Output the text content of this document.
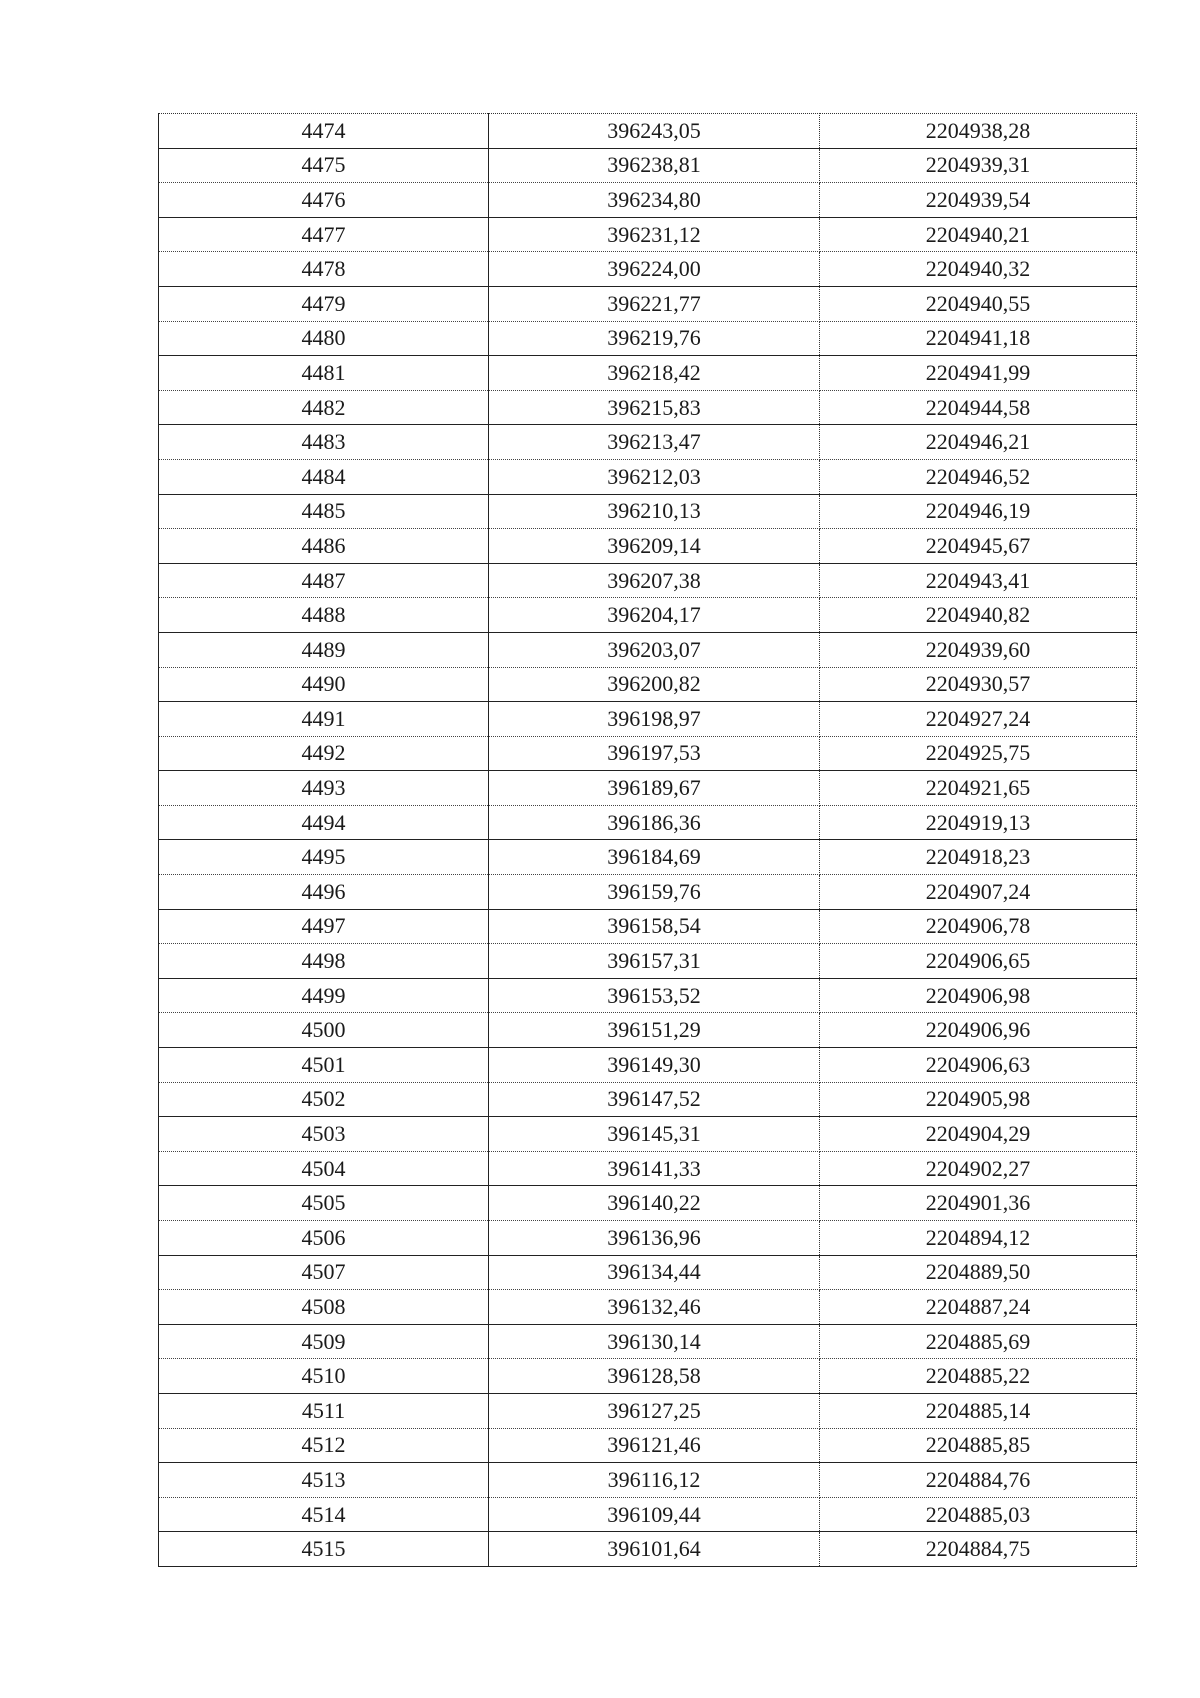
4474	396243,05	2204938,28
4475	396238,81	2204939,31
4476	396234,80	2204939,54
4477	396231,12	2204940,21
4478	396224,00	2204940,32
4479	396221,77	2204940,55
4480	396219,76	2204941,18
4481	396218,42	2204941,99
4482	396215,83	2204944,58
4483	396213,47	2204946,21
4484	396212,03	2204946,52
4485	396210,13	2204946,19
4486	396209,14	2204945,67
4487	396207,38	2204943,41
4488	396204,17	2204940,82
4489	396203,07	2204939,60
4490	396200,82	2204930,57
4491	396198,97	2204927,24
4492	396197,53	2204925,75
4493	396189,67	2204921,65
4494	396186,36	2204919,13
4495	396184,69	2204918,23
4496	396159,76	2204907,24
4497	396158,54	2204906,78
4498	396157,31	2204906,65
4499	396153,52	2204906,98
4500	396151,29	2204906,96
4501	396149,30	2204906,63
4502	396147,52	2204905,98
4503	396145,31	2204904,29
4504	396141,33	2204902,27
4505	396140,22	2204901,36
4506	396136,96	2204894,12
4507	396134,44	2204889,50
4508	396132,46	2204887,24
4509	396130,14	2204885,69
4510	396128,58	2204885,22
4511	396127,25	2204885,14
4512	396121,46	2204885,85
4513	396116,12	2204884,76
4514	396109,44	2204885,03
4515	396101,64	2204884,75
